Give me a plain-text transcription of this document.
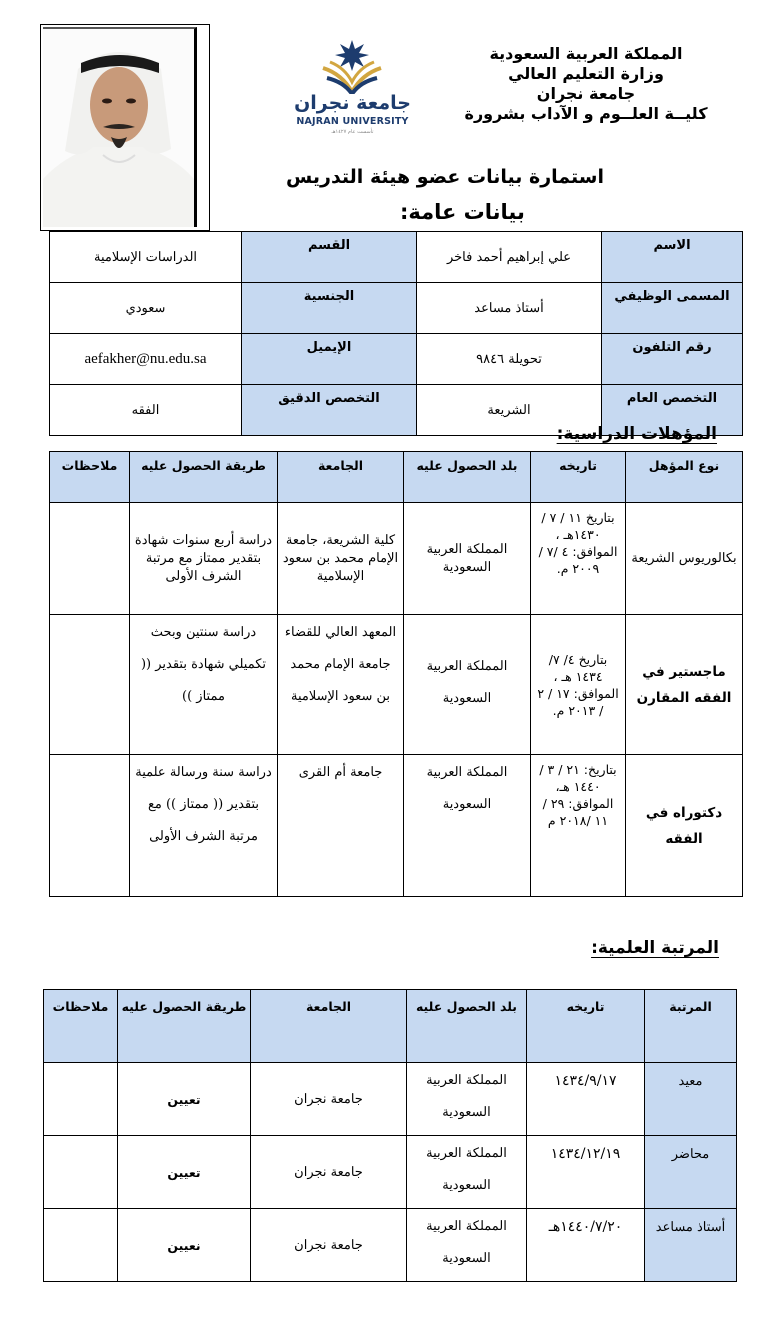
جامعة نجران
NAJRAN UNIVERSITY
تأسست عام ١٤٢٧هـ
المملكة العربية السعودية
وزارة التعليم العالي
جامعة نجران
كليــة العلــوم و الآداب بشرورة
استمارة بيانات عضو هيئة التدريس
بيانات عامة:
الاسم	علي إبراهيم أحمد فاخر	القسم	الدراسات الإسلامية
المسمى الوظيفي	أستاذ مساعد	الجنسية	سعودي
رقم التلفون	تحويلة ٩٨٤٦	الإيميل	aefakher@nu.edu.sa
التخصص العام	الشريعة	التخصص الدقيق	الفقه
المؤهلات الدراسية:
نوع المؤهل	تاريخه	بلد الحصول عليه	الجامعة	طريقة الحصول عليه	ملاحظات
بكالوريوس الشريعة	بتاريخ ١١ / ٧ / ١٤٣٠هـ ، الموافق: ٤ /٧ / ٢٠٠٩ م.	المملكة العربية السعودية	كلية الشريعة، جامعة الإمام محمد بن سعود الإسلامية	دراسة أربع سنوات شهادة بتقدير ممتاز مع مرتبة الشرف الأولى	
ماجستير في الفقه المقارن	بتاريخ ٤/ ٧/ ١٤٣٤ هـ ، الموافق: ١٧ / ٢ / ٢٠١٣ م.	المملكة العربية السعودية	المعهد العالي للقضاء جامعة الإمام محمد بن سعود الإسلامية	دراسة سنتين وبحث تكميلي شهادة بتقدير (( ممتاز ))	
دكتوراه في الفقه	بتاريخ: ٢١ / ٣ / ١٤٤٠ هـ، الموافق: ٢٩ / ١١ /٢٠١٨ م	المملكة العربية السعودية	جامعة أم القرى	دراسة سنة ورسالة علمية بتقدير (( ممتاز )) مع مرتبة الشرف الأولى	
المرتبة العلمية:
المرتبة	تاريخه	بلد الحصول عليه	الجامعة	طريقة الحصول عليه	ملاحظات
معيد	١٤٣٤/٩/١٧	المملكة العربية السعودية	جامعة نجران	تعيين	
محاضر	١٤٣٤/١٢/١٩	المملكة العربية السعودية	جامعة نجران	تعيين	
أستاذ مساعد	١٤٤٠/٧/٢٠هـ	المملكة العربية السعودية	جامعة نجران	نعيين	
